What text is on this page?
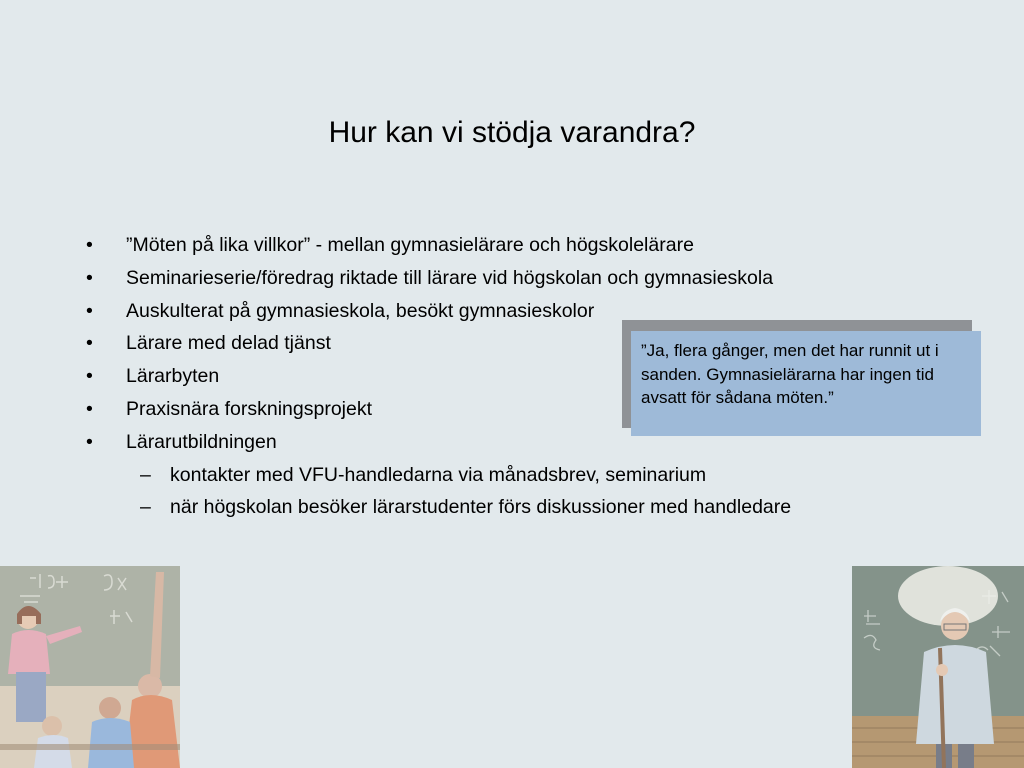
Hur kan vi stödja varandra?
• ”Möten på lika villkor” - mellan gymnasielärare och högskolelärare
• Seminarieserie/föredrag riktade till lärare vid högskolan och gymnasieskola
• Auskulterat på gymnasieskola, besökt gymnasieskolor
• Lärare med delad tjänst
• Lärarbyten
• Praxisnära forskningsprojekt
• Lärarutbildningen
– kontakter med VFU-handledarna via månadsbrev, seminarium
– när högskolan besöker lärarstudenter förs diskussioner med handledare
”Ja, flera gånger, men det har runnit ut i sanden. Gymnasielärarna har ingen tid avsatt för sådana möten.”
